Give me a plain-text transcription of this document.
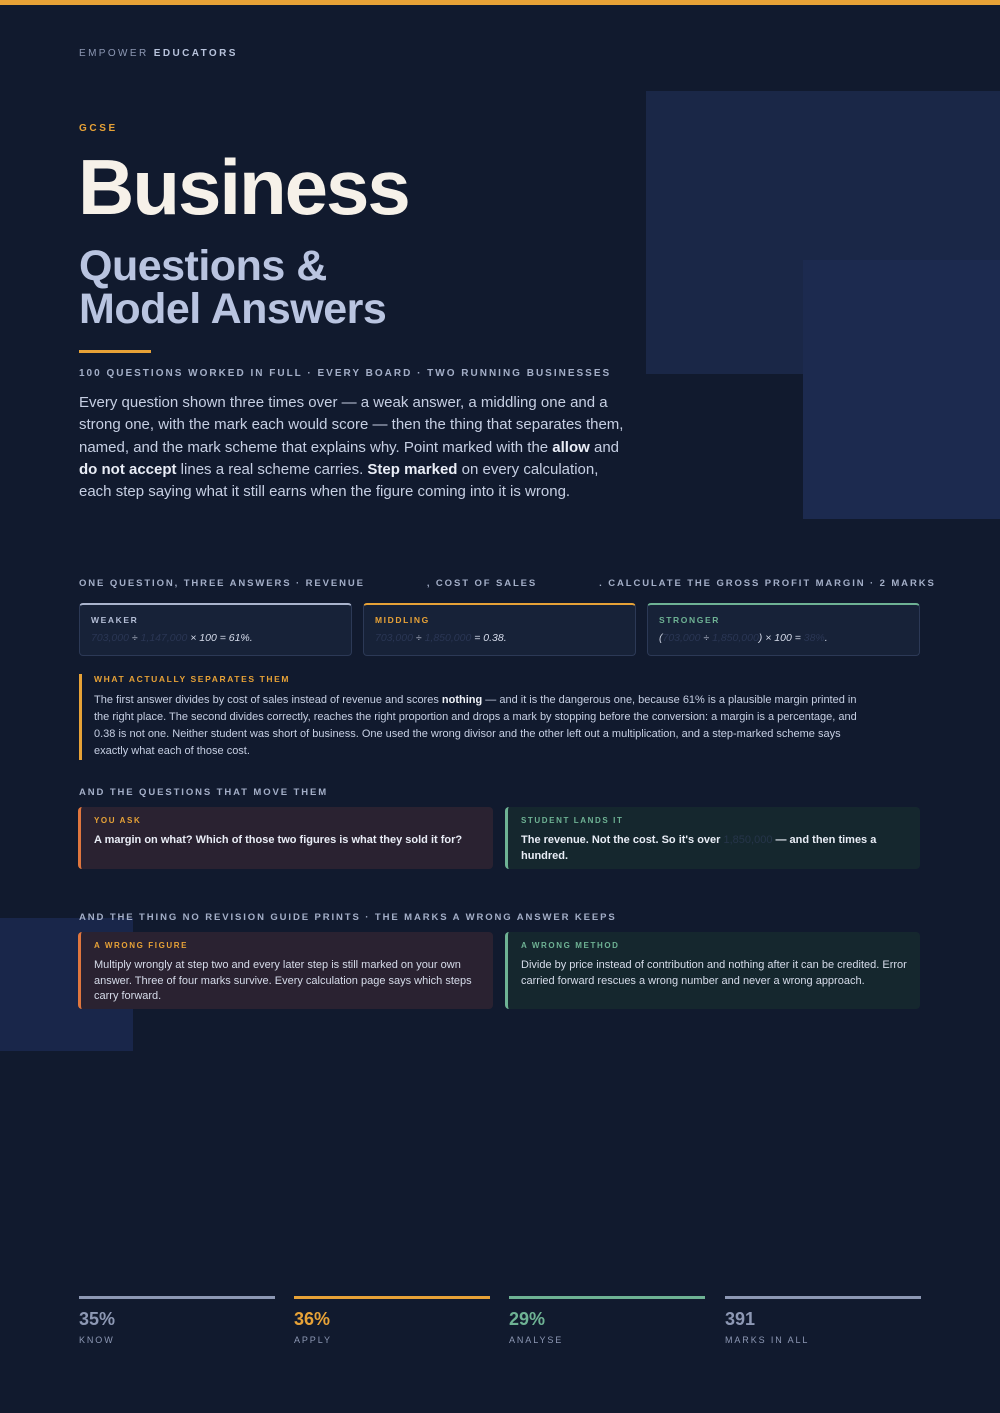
EMPOWER EDUCATORS
GCSE
Business
Questions &
Model Answers
100 QUESTIONS WORKED IN FULL · EVERY BOARD · TWO RUNNING BUSINESSES
Every question shown three times over — a weak answer, a middling one and a strong one, with the mark each would score — then the thing that separates them, named, and the mark scheme that explains why. Point marked with the allow and do not accept lines a real scheme carries. Step marked on every calculation, each step saying what it still earns when the figure coming into it is wrong.
ONE QUESTION, THREE ANSWERS · REVENUE	, COST OF SALES	. CALCULATE THE GROSS PROFIT MARGIN · 2 MARKS
WEAKER
703,000 ÷ 1,147,000 × 100 = 61%.
MIDDLING
703,000 ÷ 1,850,000 = 0.38.
STRONGER
(703,000 ÷ 1,850,000) × 100 = 38%.
WHAT ACTUALLY SEPARATES THEM
The first answer divides by cost of sales instead of revenue and scores nothing — and it is the dangerous one, because 61% is a plausible margin printed in the right place. The second divides correctly, reaches the right proportion and drops a mark by stopping before the conversion: a margin is a percentage, and 0.38 is not one. Neither student was short of business. One used the wrong divisor and the other left out a multiplication, and a step-marked scheme says exactly what each of those cost.
AND THE QUESTIONS THAT MOVE THEM
YOU ASK
A margin on what? Which of those two figures is what they sold it for?
STUDENT LANDS IT
The revenue. Not the cost. So it's over 1,850,000 — and then times a hundred.
AND THE THING NO REVISION GUIDE PRINTS · THE MARKS A WRONG ANSWER KEEPS
A WRONG FIGURE
Multiply wrongly at step two and every later step is still marked on your own answer. Three of four marks survive. Every calculation page says which steps carry forward.
A WRONG METHOD
Divide by price instead of contribution and nothing after it can be credited. Error carried forward rescues a wrong number and never a wrong approach.
35%
KNOW
36%
APPLY
29%
ANALYSE
391
MARKS IN ALL
